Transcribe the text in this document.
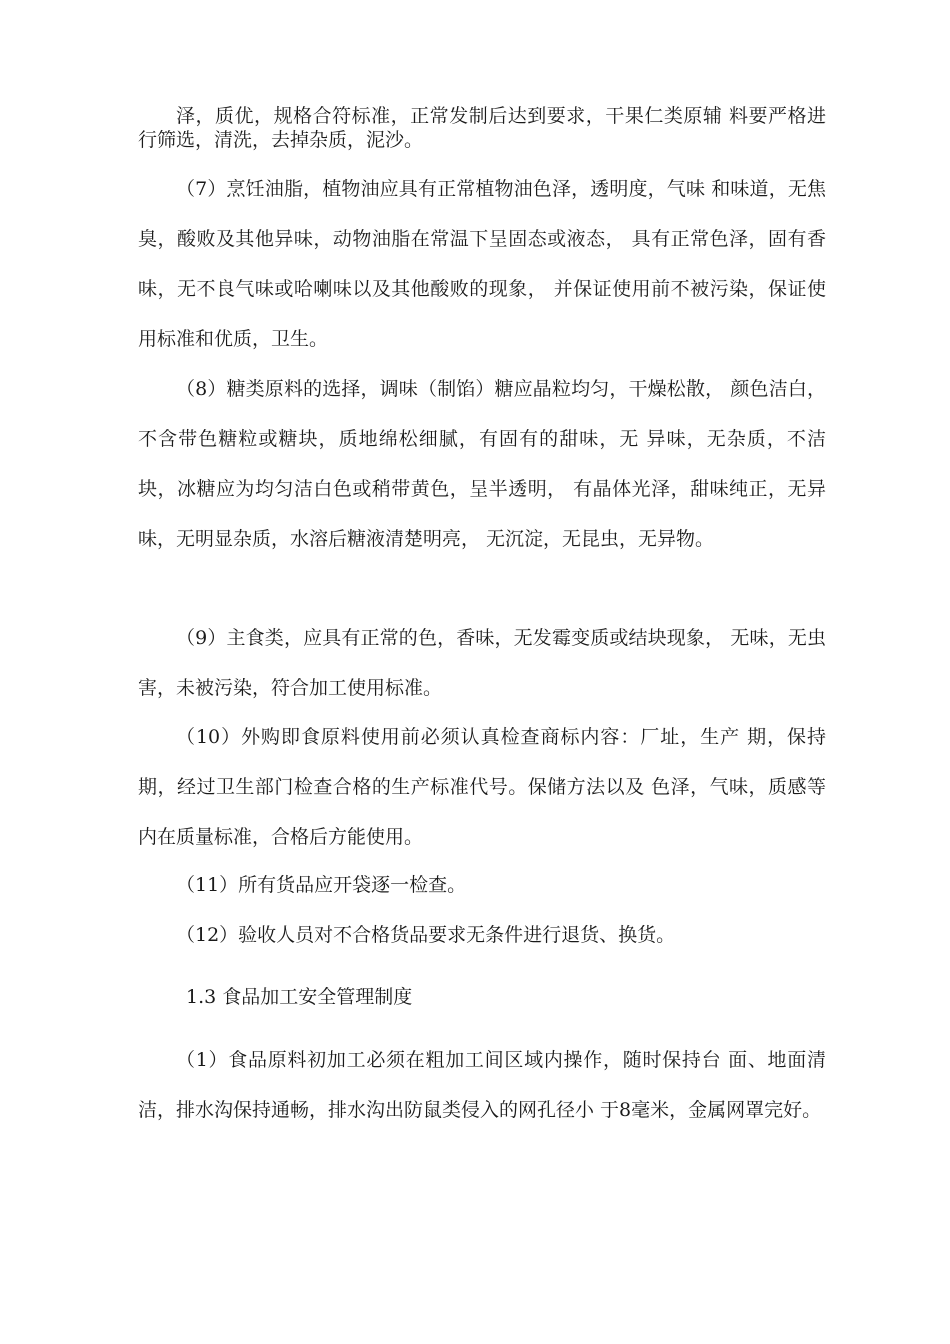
泽，质优，规格合符标准，正常发制后达到要求，干果仁类原辅 料要严格进行筛选，清洗，去掉杂质，泥沙。

（7）烹饪油脂，植物油应具有正常植物油色泽，透明度，气味 和味道，无焦臭，酸败及其他异味，动物油脂在常温下呈固态或液态， 具有正常色泽，固有香味，无不良气味或哈喇味以及其他酸败的现象， 并保证使用前不被污染，保证使用标准和优质，卫生。

（8）糖类原料的选择，调味（制馅）糖应晶粒均匀，干燥松散， 颜色洁白，不含带色糖粒或糖块，质地绵松细腻，有固有的甜味，无 异味，无杂质，不洁块，冰糖应为均匀洁白色或稍带黄色，呈半透明， 有晶体光泽，甜味纯正，无异味，无明显杂质，水溶后糖液清楚明亮， 无沉淀，无昆虫，无异物。

（9）主食类，应具有正常的色，香味，无发霉变质或结块现象， 无味，无虫害，未被污染，符合加工使用标准。

（10）外购即食原料使用前必须认真检查商标内容：厂址，生产 期，保持期，经过卫生部门检查合格的生产标准代号。保储方法以及 色泽，气味，质感等内在质量标准，合格后方能使用。

（11）所有货品应开袋逐一检查。

（12）验收人员对不合格货品要求无条件进行退货、换货。

1.3 食品加工安全管理制度

（1）食品原料初加工必须在粗加工间区域内操作，随时保持台 面、地面清洁，排水沟保持通畅，排水沟出防鼠类侵入的网孔径小 于8毫米，金属网罩完好。
